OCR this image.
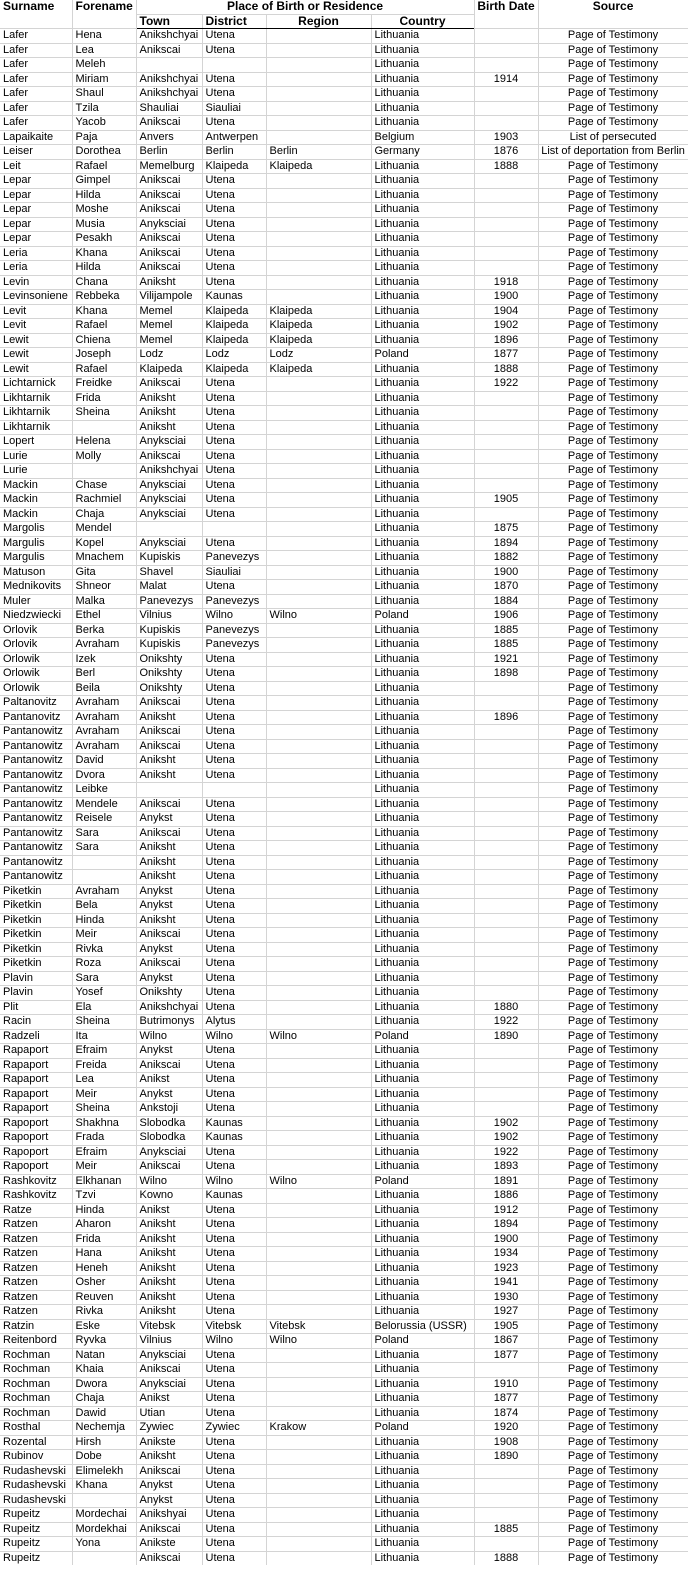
Surname	Forename	Place of Birth or Residence				Birth Date	Source
		Town	District	Region	Country		
Lafer	Hena	Anikshchyai	Utena		Lithuania		Page of Testimony
Lafer	Lea	Anikscai	Utena		Lithuania		Page of Testimony
Lafer	Meleh				Lithuania		Page of Testimony
Lafer	Miriam	Anikshchyai	Utena		Lithuania	1914	Page of Testimony
Lafer	Shaul	Anikshchyai	Utena		Lithuania		Page of Testimony
Lafer	Tzila	Shauliai	Siauliai		Lithuania		Page of Testimony
Lafer	Yacob	Anikscai	Utena		Lithuania		Page of Testimony
Lapaikaite	Paja	Anvers	Antwerpen		Belgium	1903	List of persecuted
Leiser	Dorothea	Berlin	Berlin	Berlin	Germany	1876	List of deportation from Berlin
Leit	Rafael	Memelburg	Klaipeda	Klaipeda	Lithuania	1888	Page of Testimony
Lepar	Gimpel	Anikscai	Utena		Lithuania		Page of Testimony
Lepar	Hilda	Anikscai	Utena		Lithuania		Page of Testimony
Lepar	Moshe	Anikscai	Utena		Lithuania		Page of Testimony
Lepar	Musia	Anyksciai	Utena		Lithuania		Page of Testimony
Lepar	Pesakh	Anikscai	Utena		Lithuania		Page of Testimony
Leria	Khana	Anikscai	Utena		Lithuania		Page of Testimony
Leria	Hilda	Anikscai	Utena		Lithuania		Page of Testimony
Levin	Chana	Aniksht	Utena		Lithuania	1918	Page of Testimony
Levinsoniene	Rebbeka	Vilijampole	Kaunas		Lithuania	1900	Page of Testimony
Levit	Khana	Memel	Klaipeda	Klaipeda	Lithuania	1904	Page of Testimony
Levit	Rafael	Memel	Klaipeda	Klaipeda	Lithuania	1902	Page of Testimony
Lewit	Chiena	Memel	Klaipeda	Klaipeda	Lithuania	1896	Page of Testimony
Lewit	Joseph	Lodz	Lodz	Lodz	Poland	1877	Page of Testimony
Lewit	Rafael	Klaipeda	Klaipeda	Klaipeda	Lithuania	1888	Page of Testimony
Lichtarnick	Freidke	Anikscai	Utena		Lithuania	1922	Page of Testimony
Likhtarnik	Frida	Aniksht	Utena		Lithuania		Page of Testimony
Likhtarnik	Sheina	Aniksht	Utena		Lithuania		Page of Testimony
Likhtarnik		Aniksht	Utena		Lithuania		Page of Testimony
Lopert	Helena	Anyksciai	Utena		Lithuania		Page of Testimony
Lurie	Molly	Anikscai	Utena		Lithuania		Page of Testimony
Lurie		Anikshchyai	Utena		Lithuania		Page of Testimony
Mackin	Chase	Anyksciai	Utena		Lithuania		Page of Testimony
Mackin	Rachmiel	Anyksciai	Utena		Lithuania	1905	Page of Testimony
Mackin	Chaja	Anyksciai	Utena		Lithuania		Page of Testimony
Margolis	Mendel				Lithuania	1875	Page of Testimony
Margulis	Kopel	Anyksciai	Utena		Lithuania	1894	Page of Testimony
Margulis	Mnachem	Kupiskis	Panevezys		Lithuania	1882	Page of Testimony
Matuson	Gita	Shavel	Siauliai		Lithuania	1900	Page of Testimony
Mednikovits	Shneor	Malat	Utena		Lithuania	1870	Page of Testimony
Muler	Malka	Panevezys	Panevezys		Lithuania	1884	Page of Testimony
Niedzwiecki	Ethel	Vilnius	Wilno	Wilno	Poland	1906	Page of Testimony
Orlovik	Berka	Kupiskis	Panevezys		Lithuania	1885	Page of Testimony
Orlovik	Avraham	Kupiskis	Panevezys		Lithuania	1885	Page of Testimony
Orlowik	Izek	Onikshty	Utena		Lithuania	1921	Page of Testimony
Orlowik	Berl	Onikshty	Utena		Lithuania	1898	Page of Testimony
Orlowik	Beila	Onikshty	Utena		Lithuania		Page of Testimony
Paltanovitz	Avraham	Anikscai	Utena		Lithuania		Page of Testimony
Pantanovitz	Avraham	Aniksht	Utena		Lithuania	1896	Page of Testimony
Pantanowitz	Avraham	Anikscai	Utena		Lithuania		Page of Testimony
Pantanowitz	Avraham	Anikscai	Utena		Lithuania		Page of Testimony
Pantanowitz	David	Aniksht	Utena		Lithuania		Page of Testimony
Pantanowitz	Dvora	Aniksht	Utena		Lithuania		Page of Testimony
Pantanowitz	Leibke				Lithuania		Page of Testimony
Pantanowitz	Mendele	Anikscai	Utena		Lithuania		Page of Testimony
Pantanowitz	Reisele	Anykst	Utena		Lithuania		Page of Testimony
Pantanowitz	Sara	Anikscai	Utena		Lithuania		Page of Testimony
Pantanowitz	Sara	Aniksht	Utena		Lithuania		Page of Testimony
Pantanowitz		Aniksht	Utena		Lithuania		Page of Testimony
Pantanowitz		Aniksht	Utena		Lithuania		Page of Testimony
Piketkin	Avraham	Anykst	Utena		Lithuania		Page of Testimony
Piketkin	Bela	Anykst	Utena		Lithuania		Page of Testimony
Piketkin	Hinda	Aniksht	Utena		Lithuania		Page of Testimony
Piketkin	Meir	Anikscai	Utena		Lithuania		Page of Testimony
Piketkin	Rivka	Anykst	Utena		Lithuania		Page of Testimony
Piketkin	Roza	Anikscai	Utena		Lithuania		Page of Testimony
Plavin	Sara	Anykst	Utena		Lithuania		Page of Testimony
Plavin	Yosef	Onikshty	Utena		Lithuania		Page of Testimony
Plit	Ela	Anikshchyai	Utena		Lithuania	1880	Page of Testimony
Racin	Sheina	Butrimonys	Alytus		Lithuania	1922	Page of Testimony
Radzeli	Ita	Wilno	Wilno	Wilno	Poland	1890	Page of Testimony
Rapaport	Efraim	Anykst	Utena		Lithuania		Page of Testimony
Rapaport	Freida	Anikscai	Utena		Lithuania		Page of Testimony
Rapaport	Lea	Anikst	Utena		Lithuania		Page of Testimony
Rapaport	Meir	Anykst	Utena		Lithuania		Page of Testimony
Rapaport	Sheina	Ankstoji	Utena		Lithuania		Page of Testimony
Rapoport	Shakhna	Slobodka	Kaunas		Lithuania	1902	Page of Testimony
Rapoport	Frada	Slobodka	Kaunas		Lithuania	1902	Page of Testimony
Rapoport	Efraim	Anyksciai	Utena		Lithuania	1922	Page of Testimony
Rapoport	Meir	Anikscai	Utena		Lithuania	1893	Page of Testimony
Rashkovitz	Elkhanan	Wilno	Wilno	Wilno	Poland	1891	Page of Testimony
Rashkovitz	Tzvi	Kowno	Kaunas		Lithuania	1886	Page of Testimony
Ratze	Hinda	Anikst	Utena		Lithuania	1912	Page of Testimony
Ratzen	Aharon	Aniksht	Utena		Lithuania	1894	Page of Testimony
Ratzen	Frida	Aniksht	Utena		Lithuania	1900	Page of Testimony
Ratzen	Hana	Aniksht	Utena		Lithuania	1934	Page of Testimony
Ratzen	Heneh	Aniksht	Utena		Lithuania	1923	Page of Testimony
Ratzen	Osher	Aniksht	Utena		Lithuania	1941	Page of Testimony
Ratzen	Reuven	Aniksht	Utena		Lithuania	1930	Page of Testimony
Ratzen	Rivka	Aniksht	Utena		Lithuania	1927	Page of Testimony
Ratzin	Eske	Vitebsk	Vitebsk	Vitebsk	Belorussia (USSR)	1905	Page of Testimony
Reitenbord	Ryvka	Vilnius	Wilno	Wilno	Poland	1867	Page of Testimony
Rochman	Natan	Anyksciai	Utena		Lithuania	1877	Page of Testimony
Rochman	Khaia	Anikscai	Utena		Lithuania		Page of Testimony
Rochman	Dwora	Anyksciai	Utena		Lithuania	1910	Page of Testimony
Rochman	Chaja	Anikst	Utena		Lithuania	1877	Page of Testimony
Rochman	Dawid	Utian	Utena		Lithuania	1874	Page of Testimony
Rosthal	Nechemja	Zywiec	Zywiec	Krakow	Poland	1920	Page of Testimony
Rozental	Hirsh	Anikste	Utena		Lithuania	1908	Page of Testimony
Rubinov	Dobe	Aniksht	Utena		Lithuania	1890	Page of Testimony
Rudashevski	Elimelekh	Anikscai	Utena		Lithuania		Page of Testimony
Rudashevski	Khana	Anykst	Utena		Lithuania		Page of Testimony
Rudashevski		Anykst	Utena		Lithuania		Page of Testimony
Rupeitz	Mordechai	Anikshyai	Utena		Lithuania		Page of Testimony
Rupeitz	Mordekhai	Anikscai	Utena		Lithuania	1885	Page of Testimony
Rupeitz	Yona	Anikste	Utena		Lithuania		Page of Testimony
Rupeitz		Anikscai	Utena		Lithuania	1888	Page of Testimony
